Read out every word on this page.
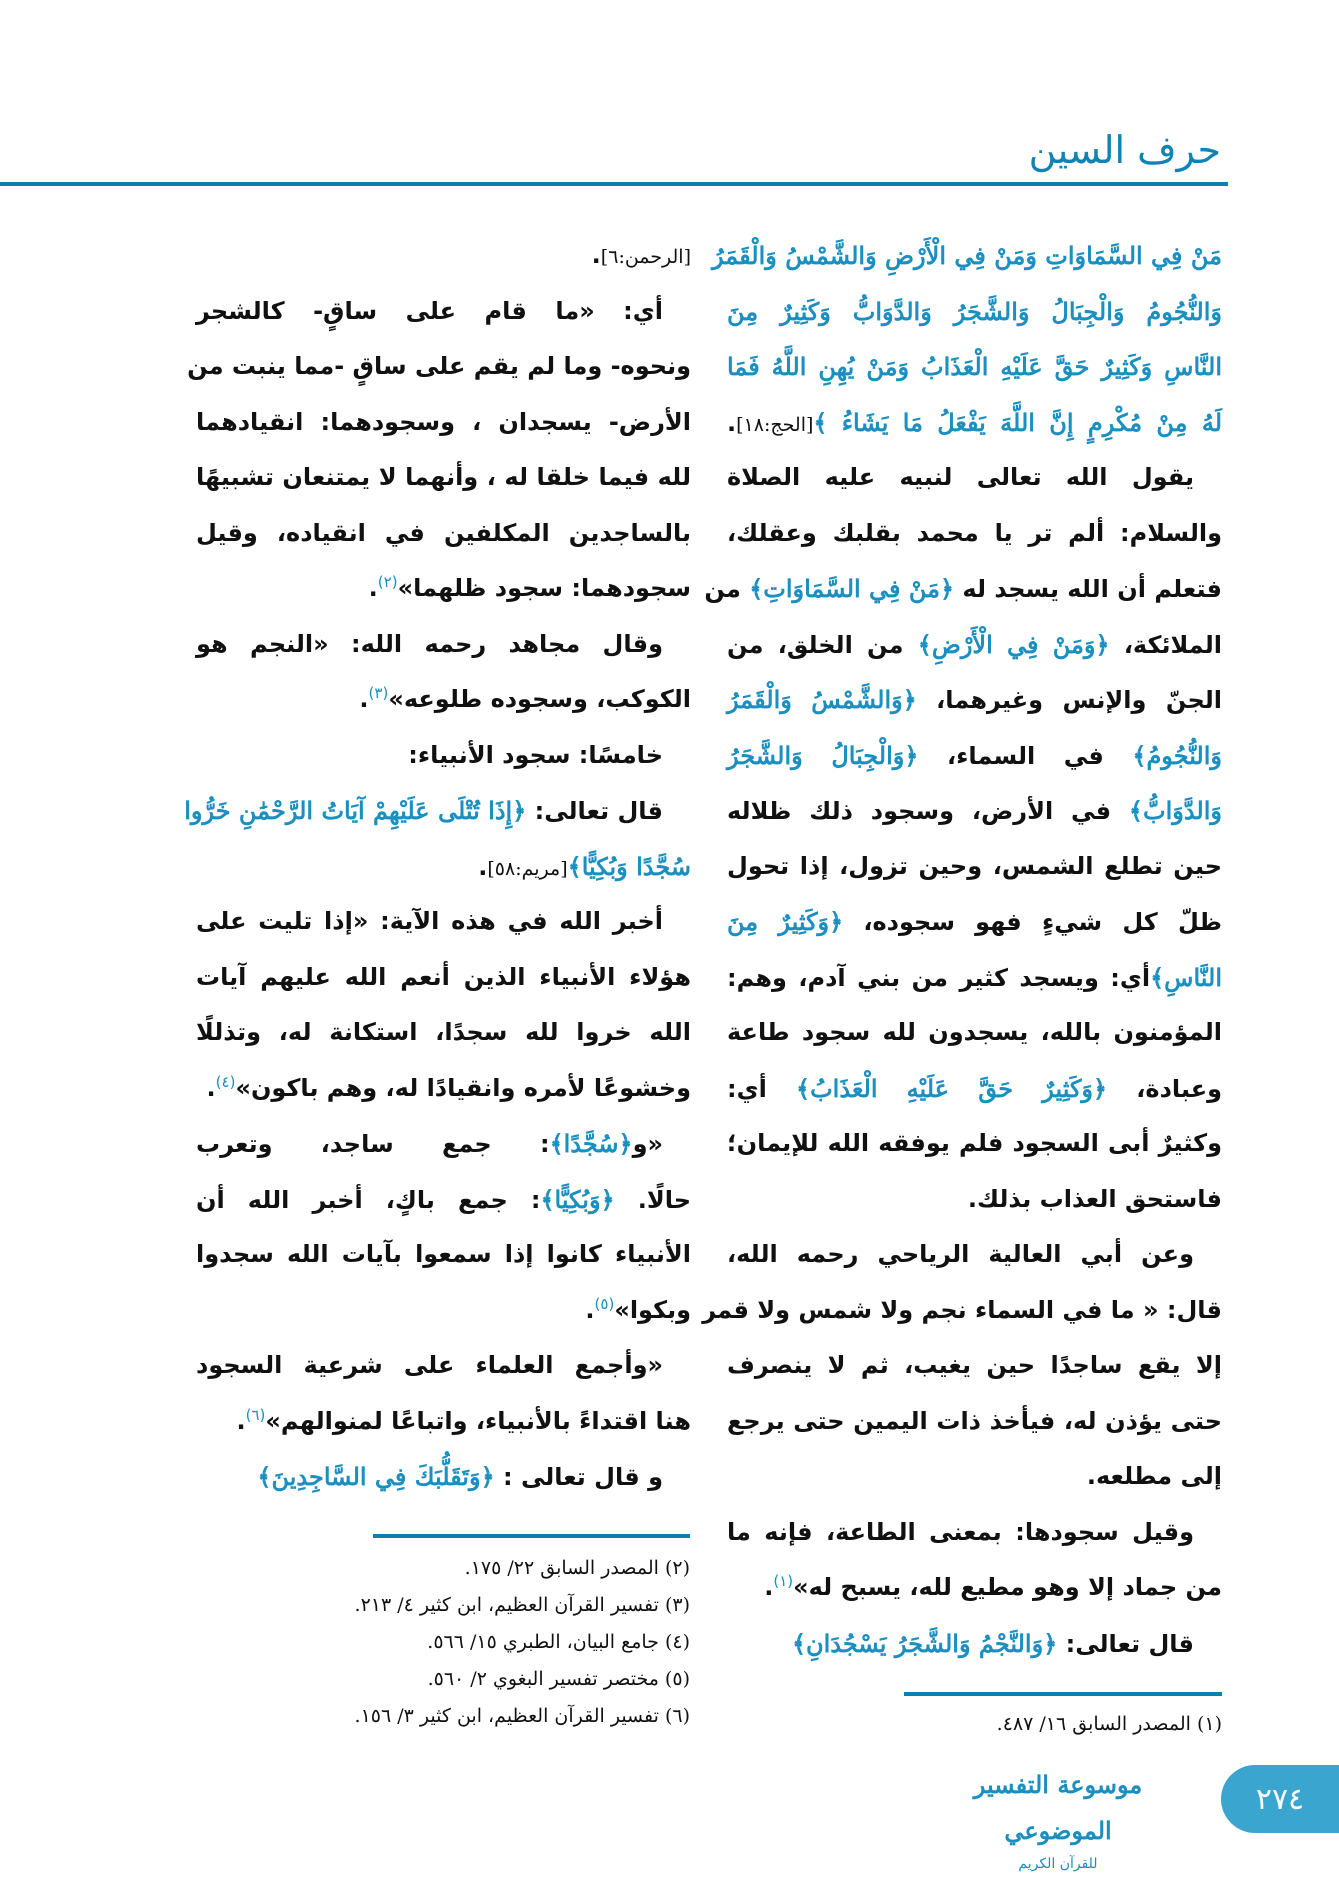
حرف السين
مَنْ فِي السَّمَاوَاتِ وَمَنْ فِي الْأَرْضِ وَالشَّمْسُ وَالْقَمَرُ
وَالنُّجُومُ وَالْجِبَالُ وَالشَّجَرُ وَالدَّوَابُّ وَكَثِيرٌ مِنَ
النَّاسِ وَكَثِيرٌ حَقَّ عَلَيْهِ الْعَذَابُ وَمَنْ يُهِنِ اللَّهُ فَمَا
لَهُ مِنْ مُكْرِمٍ إِنَّ اللَّهَ يَفْعَلُ مَا يَشَاءُ ﴾[الحج:١٨].
يقول الله تعالى لنبيه عليه الصلاة
والسلام: ألم تر يا محمد بقلبك وعقلك،
فتعلم أن الله يسجد له ﴿مَنْ فِي السَّمَاوَاتِ﴾ من
الملائكة، ﴿وَمَنْ فِي الْأَرْضِ﴾ من الخلق، من
الجنّ والإنس وغيرهما، ﴿وَالشَّمْسُ وَالْقَمَرُ
وَالنُّجُومُ﴾ في السماء، ﴿وَالْجِبَالُ وَالشَّجَرُ
وَالدَّوَابُّ﴾ في الأرض، وسجود ذلك ظلاله
حين تطلع الشمس، وحين تزول، إذا تحول
ظلّ كل شيءٍ فهو سجوده، ﴿وَكَثِيرٌ مِنَ
النَّاسِ﴾أي: ويسجد كثير من بني آدم، وهم:
المؤمنون بالله، يسجدون لله سجود طاعة
وعبادة، ﴿وَكَثِيرٌ حَقَّ عَلَيْهِ الْعَذَابُ﴾ أي:
وكثيرٌ أبى السجود فلم يوفقه الله للإيمان؛
فاستحق العذاب بذلك.
وعن أبي العالية الرياحي رحمه الله،
قال: « ما في السماء نجم ولا شمس ولا قمر
إلا يقع ساجدًا حين يغيب، ثم لا ينصرف
حتى يؤذن له، فيأخذ ذات اليمين حتى يرجع
إلى مطلعه.
وقيل سجودها: بمعنى الطاعة، فإنه ما
من جماد إلا وهو مطيع لله، يسبح له»$^{(١)}$.
قال تعالى: ﴿وَالنَّجْمُ وَالشَّجَرُ يَسْجُدَانِ﴾
[الرحمن:٦].
أي: «ما قام على ساقٍ- كالشجر
ونحوه- وما لم يقم على ساقٍ -مما ينبت من
الأرض- يسجدان ، وسجودهما: انقيادهما
لله فيما خلقا له ، وأنهما لا يمتنعان تشبيهًا
بالساجدين المكلفين في انقياده، وقيل
سجودهما: سجود ظلهما»$^{(٢)}$.
وقال مجاهد رحمه الله: «النجم هو
الكوكب، وسجوده طلوعه»$^{(٣)}$.
خامسًا: سجود الأنبياء:
قال تعالى: ﴿إِذَا تُتْلَى عَلَيْهِمْ آيَاتُ الرَّحْمَٰنِ خَرُّوا
سُجَّدًا وَبُكِيًّا﴾[مريم:٥٨].
أخبر الله في هذه الآية: «إذا تليت على
هؤلاء الأنبياء الذين أنعم الله عليهم آيات
الله خروا لله سجدًا، استكانة له، وتذللًا
وخشوعًا لأمره وانقيادًا له، وهم باكون»$^{(٤)}$.
«و﴿سُجَّدًا﴾: جمع ساجد، وتعرب
حالًا. ﴿وَبُكِيًّا﴾: جمع باكٍ، أخبر الله أن
الأنبياء كانوا إذا سمعوا بآيات الله سجدوا
وبكوا»$^{(٥)}$.
«وأجمع العلماء على شرعية السجود
هنا اقتداءً بالأنبياء، واتباعًا لمنوالهم»$^{(٦)}$.
و قال تعالى : ﴿وَتَقَلُّبَكَ فِي السَّاجِدِينَ﴾
(١) المصدر السابق ١٦/ ٤٨٧.
(٢) المصدر السابق ٢٢/ ١٧٥.
(٣) تفسير القرآن العظيم، ابن كثير ٤/ ٢١٣.
(٤) جامع البيان، الطبري ١٥/ ٥٦٦.
(٥) مختصر تفسير البغوي ٢/ ٥٦٠.
(٦) تفسير القرآن العظيم، ابن كثير ٣/ ١٥٦.
موسوعة التفسير الموضوعي
للقرآن الكريم
٢٧٤
